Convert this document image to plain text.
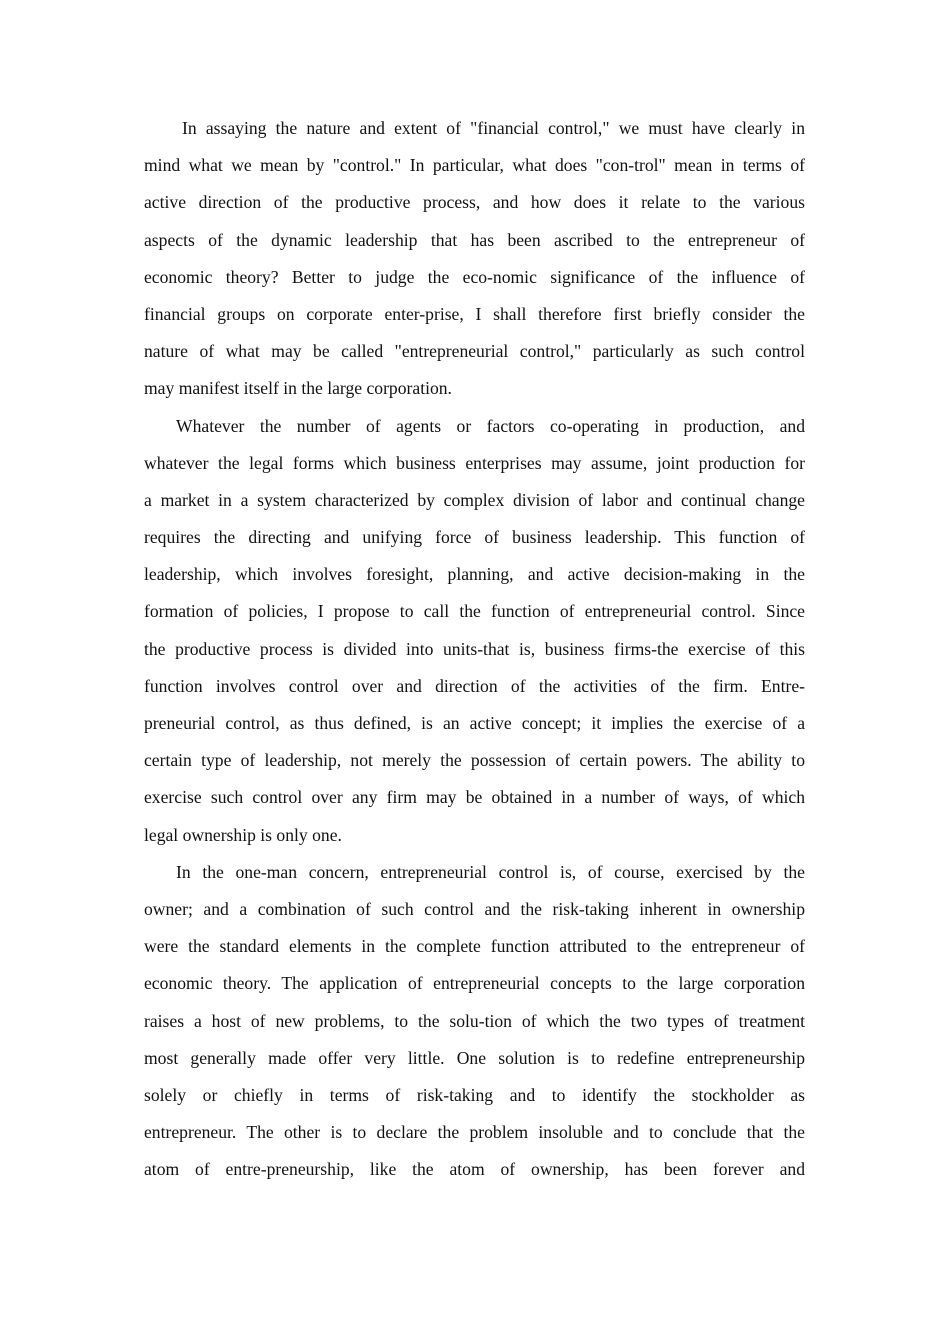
In assaying the nature and extent of "financial control," we must have clearly in
mind what we mean by "control." In particular, what does "con-trol" mean in terms of
active direction of the productive process, and how does it relate to the various
aspects of the dynamic leadership that has been ascribed to the entrepreneur of
economic theory? Better to judge the eco-nomic significance of the influence of
financial groups on corporate enter-prise, I shall therefore first briefly consider the
nature of what may be called "entrepreneurial control," particularly as such control
may manifest itself in the large corporation.
Whatever the number of agents or factors co-operating in production, and
whatever the legal forms which business enterprises may assume, joint production for
a market in a system characterized by complex division of labor and continual change
requires the directing and unifying force of business leadership. This function of
leadership, which involves foresight, planning, and active decision-making in the
formation of policies, I propose to call the function of entrepreneurial control. Since
the productive process is divided into units-that is, business firms-the exercise of this
function involves control over and direction of the activities of the firm. Entre-
preneurial control, as thus defined, is an active concept; it implies the exercise of a
certain type of leadership, not merely the possession of certain powers. The ability to
exercise such control over any firm may be obtained in a number of ways, of which
legal ownership is only one.
In the one-man concern, entrepreneurial control is, of course, exercised by the
owner; and a combination of such control and the risk-taking inherent in ownership
were the standard elements in the complete function attributed to the entrepreneur of
economic theory. The application of entrepreneurial concepts to the large corporation
raises a host of new problems, to the solu-tion of which the two types of treatment
most generally made offer very little. One solution is to redefine entrepreneurship
solely or chiefly in terms of risk-taking and to identify the stockholder as
entrepreneur. The other is to declare the problem insoluble and to conclude that the
atom of entre-preneurship, like the atom of ownership, has been forever and
